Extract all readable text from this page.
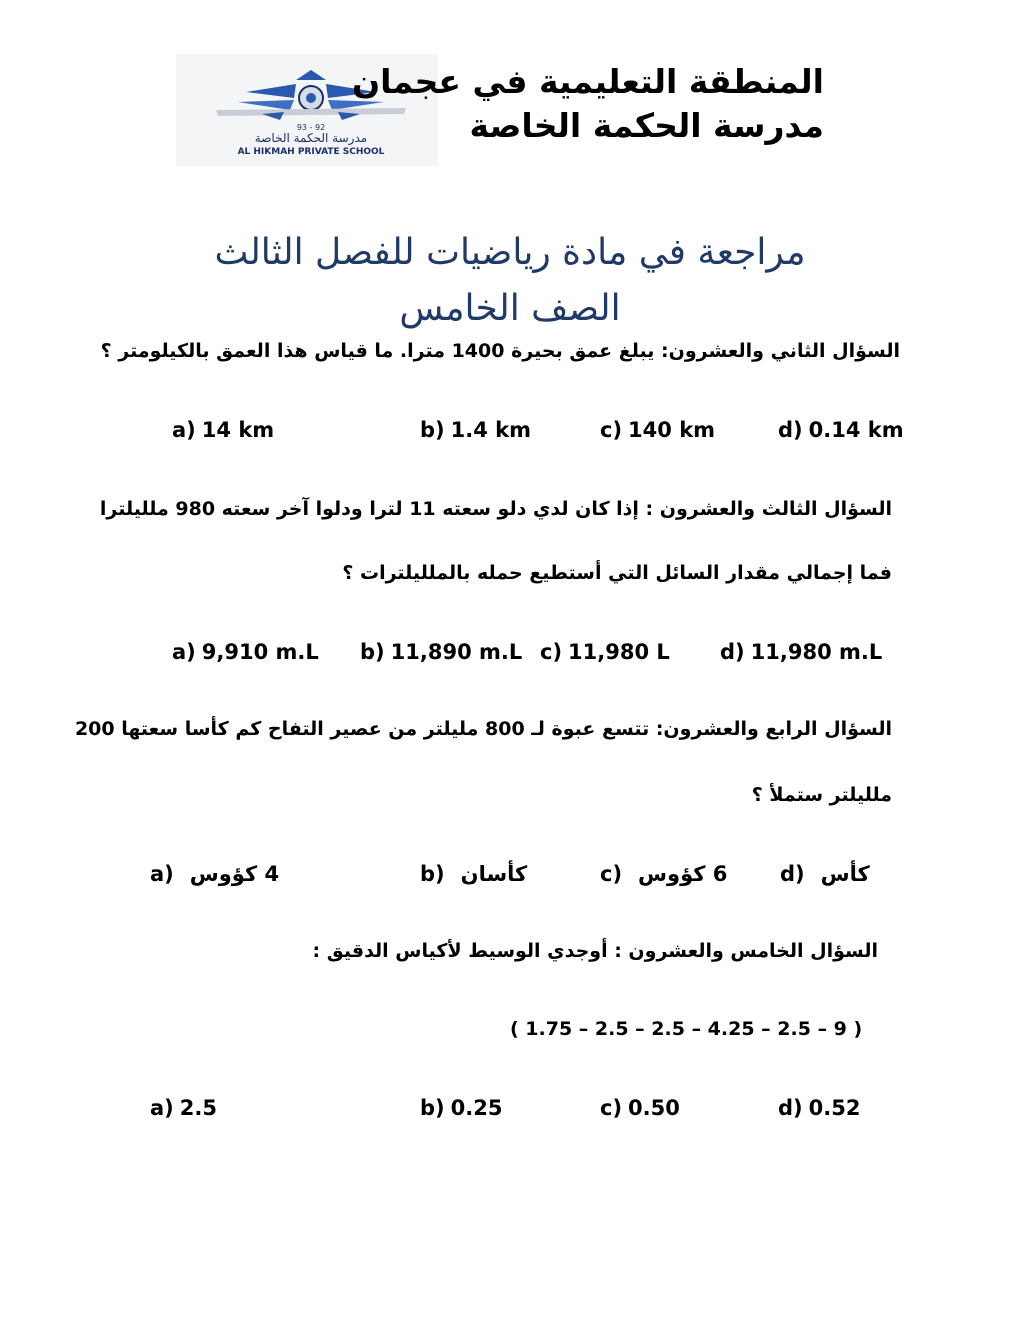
93 - 92
مدرسة الحكمة الخاصة
AL HIKMAH PRIVATE SCHOOL
المنطقة التعليمية في عجمان
مدرسة الحكمة الخاصة
مراجعة في مادة رياضيات للفصل الثالث
الصف الخامس
السؤال الثاني والعشرون: يبلغ عمق بحيرة 1400 مترا. ما قياس هذا العمق بالكيلومتر ؟
a) 14 km	b) 1.4 km	c) 140 km	d) 0.14 km
السؤال الثالث والعشرون : إذا كان لدي دلو سعته 11 لترا ودلوا آخر سعته 980 ملليلترا
فما إجمالي مقدار السائل التي أستطيع حمله بالملليلترات ؟
a) 9,910 m.L b) 11,890 m.L c) 11,980 L d) 11,980 m.L
السؤال الرابع والعشرون: تتسع عبوة لـ 800 مليلتر من عصير التفاح كم كأسا سعتها 200
ملليلتر ستملأ ؟
a) 4 كؤوس	b) كأسان	c) 6 كؤوس	d) كأس
السؤال الخامس والعشرون : أوجدي الوسيط لأكياس الدقيق :
( 1.75 – 2.5 – 2.5 – 4.25 – 2.5 – 9 )
a) 2.5	b) 0.25	c) 0.50	d) 0.52
